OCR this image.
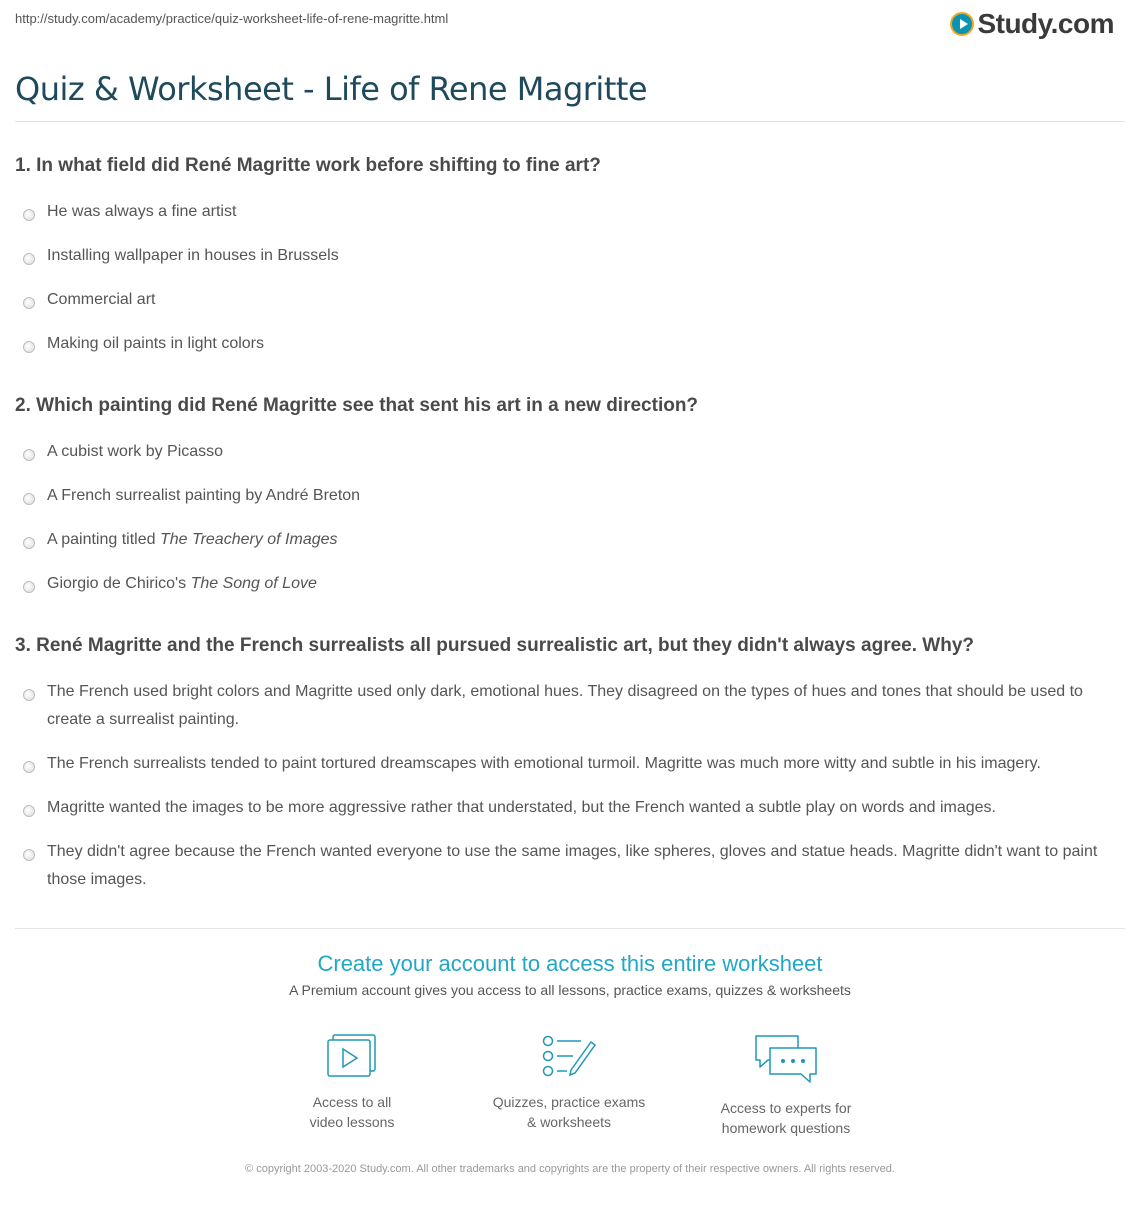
http://study.com/academy/practice/quiz-worksheet-life-of-rene-magritte.html	Study.com
Quiz & Worksheet - Life of Rene Magritte
1. In what field did René Magritte work before shifting to fine art?
He was always a fine artist
Installing wallpaper in houses in Brussels
Commercial art
Making oil paints in light colors
2. Which painting did René Magritte see that sent his art in a new direction?
A cubist work by Picasso
A French surrealist painting by André Breton
A painting titled The Treachery of Images
Giorgio de Chirico's The Song of Love
3. René Magritte and the French surrealists all pursued surrealistic art, but they didn't always agree. Why?
The French used bright colors and Magritte used only dark, emotional hues. They disagreed on the types of hues and tones that should be used to create a surrealist painting.
The French surrealists tended to paint tortured dreamscapes with emotional turmoil. Magritte was much more witty and subtle in his imagery.
Magritte wanted the images to be more aggressive rather that understated, but the French wanted a subtle play on words and images.
They didn't agree because the French wanted everyone to use the same images, like spheres, gloves and statue heads. Magritte didn't want to paint those images.
Create your account to access this entire worksheet
A Premium account gives you access to all lessons, practice exams, quizzes & worksheets
Access to all
video lessons
Quizzes, practice exams
& worksheets
Access to experts for
homework questions
© copyright 2003-2020 Study.com. All other trademarks and copyrights are the property of their respective owners. All rights reserved.
